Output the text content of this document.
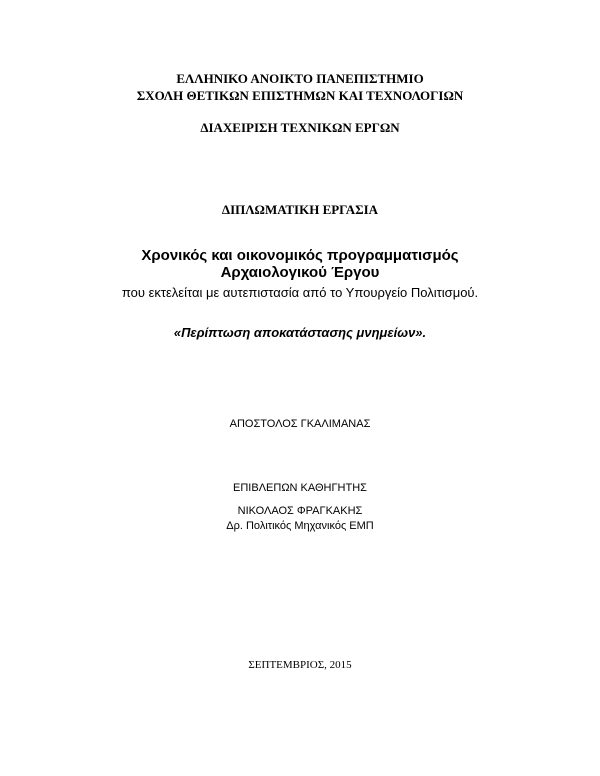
ΕΛΛΗΝΙΚΟ ΑΝΟΙΚΤΟ ΠΑΝΕΠΙΣΤΗΜΙΟ
ΣΧΟΛΗ ΘΕΤΙΚΩΝ ΕΠΙΣΤΗΜΩΝ ΚΑΙ ΤΕΧΝΟΛΟΓΙΩΝ
ΔΙΑΧΕΙΡΙΣΗ ΤΕΧΝΙΚΩΝ ΕΡΓΩΝ
ΔΙΠΛΩΜΑΤΙΚΗ ΕΡΓΑΣΙΑ
Χρονικός και οικονομικός προγραμματισμός
Αρχαιολογικού Έργου
που εκτελείται με αυτεπιστασία από το Υπουργείο Πολιτισμού.
«Περίπτωση αποκατάστασης μνημείων».
ΑΠΟΣΤΟΛΟΣ ΓΚΑΛΙΜΑΝΑΣ
ΕΠΙΒΛΕΠΩΝ ΚΑΘΗΓΗΤΗΣ
ΝΙΚΟΛΑΟΣ ΦΡΑΓΚΑΚΗΣ
Δρ. Πολιτικός Μηχανικός ΕΜΠ
ΣΕΠΤΕΜΒΡΙΟΣ, 2015
